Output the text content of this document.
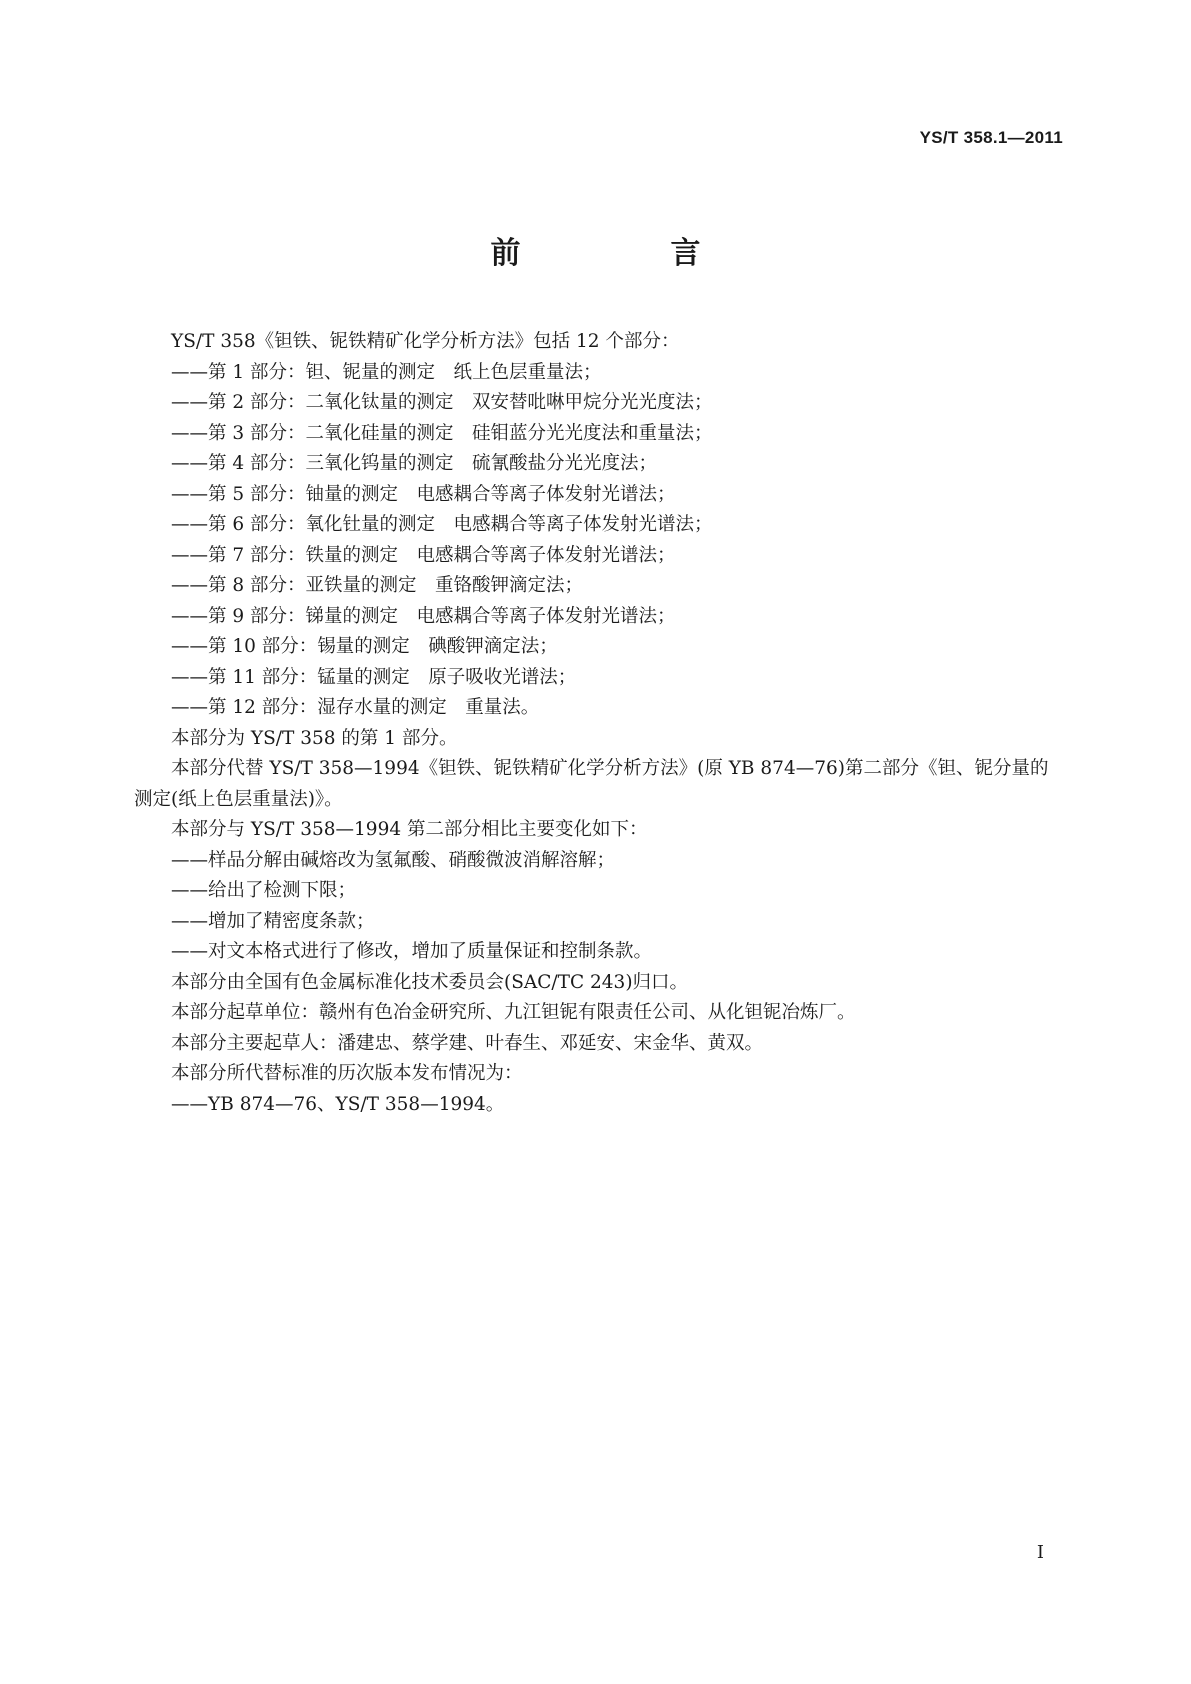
YS/T 358.1—2011
前　言

YS/T 358《钽铁、铌铁精矿化学分析方法》包括 12 个部分：

——第 1 部分：钽、铌量的测定　纸上色层重量法；

——第 2 部分：二氧化钛量的测定　双安替吡啉甲烷分光光度法；

——第 3 部分：二氧化硅量的测定　硅钼蓝分光光度法和重量法；

——第 4 部分：三氧化钨量的测定　硫氰酸盐分光光度法；

——第 5 部分：铀量的测定　电感耦合等离子体发射光谱法；

——第 6 部分：氧化钍量的测定　电感耦合等离子体发射光谱法；

——第 7 部分：铁量的测定　电感耦合等离子体发射光谱法；

——第 8 部分：亚铁量的测定　重铬酸钾滴定法；

——第 9 部分：锑量的测定　电感耦合等离子体发射光谱法；

——第 10 部分：锡量的测定　碘酸钾滴定法；

——第 11 部分：锰量的测定　原子吸收光谱法；

——第 12 部分：湿存水量的测定　重量法。

本部分为 YS/T 358 的第 1 部分。

本部分代替 YS/T 358—1994《钽铁、铌铁精矿化学分析方法》(原 YB 874—76)第二部分《钽、铌分量的测定(纸上色层重量法)》。

本部分与 YS/T 358—1994 第二部分相比主要变化如下：

——样品分解由碱熔改为氢氟酸、硝酸微波消解溶解；

——给出了检测下限；

——增加了精密度条款；

——对文本格式进行了修改，增加了质量保证和控制条款。

本部分由全国有色金属标准化技术委员会(SAC/TC 243)归口。

本部分起草单位：赣州有色冶金研究所、九江钽铌有限责任公司、从化钽铌冶炼厂。

本部分主要起草人：潘建忠、蔡学建、叶春生、邓延安、宋金华、黄双。

本部分所代替标准的历次版本发布情况为：

——YB 874—76、YS/T 358—1994。

I
